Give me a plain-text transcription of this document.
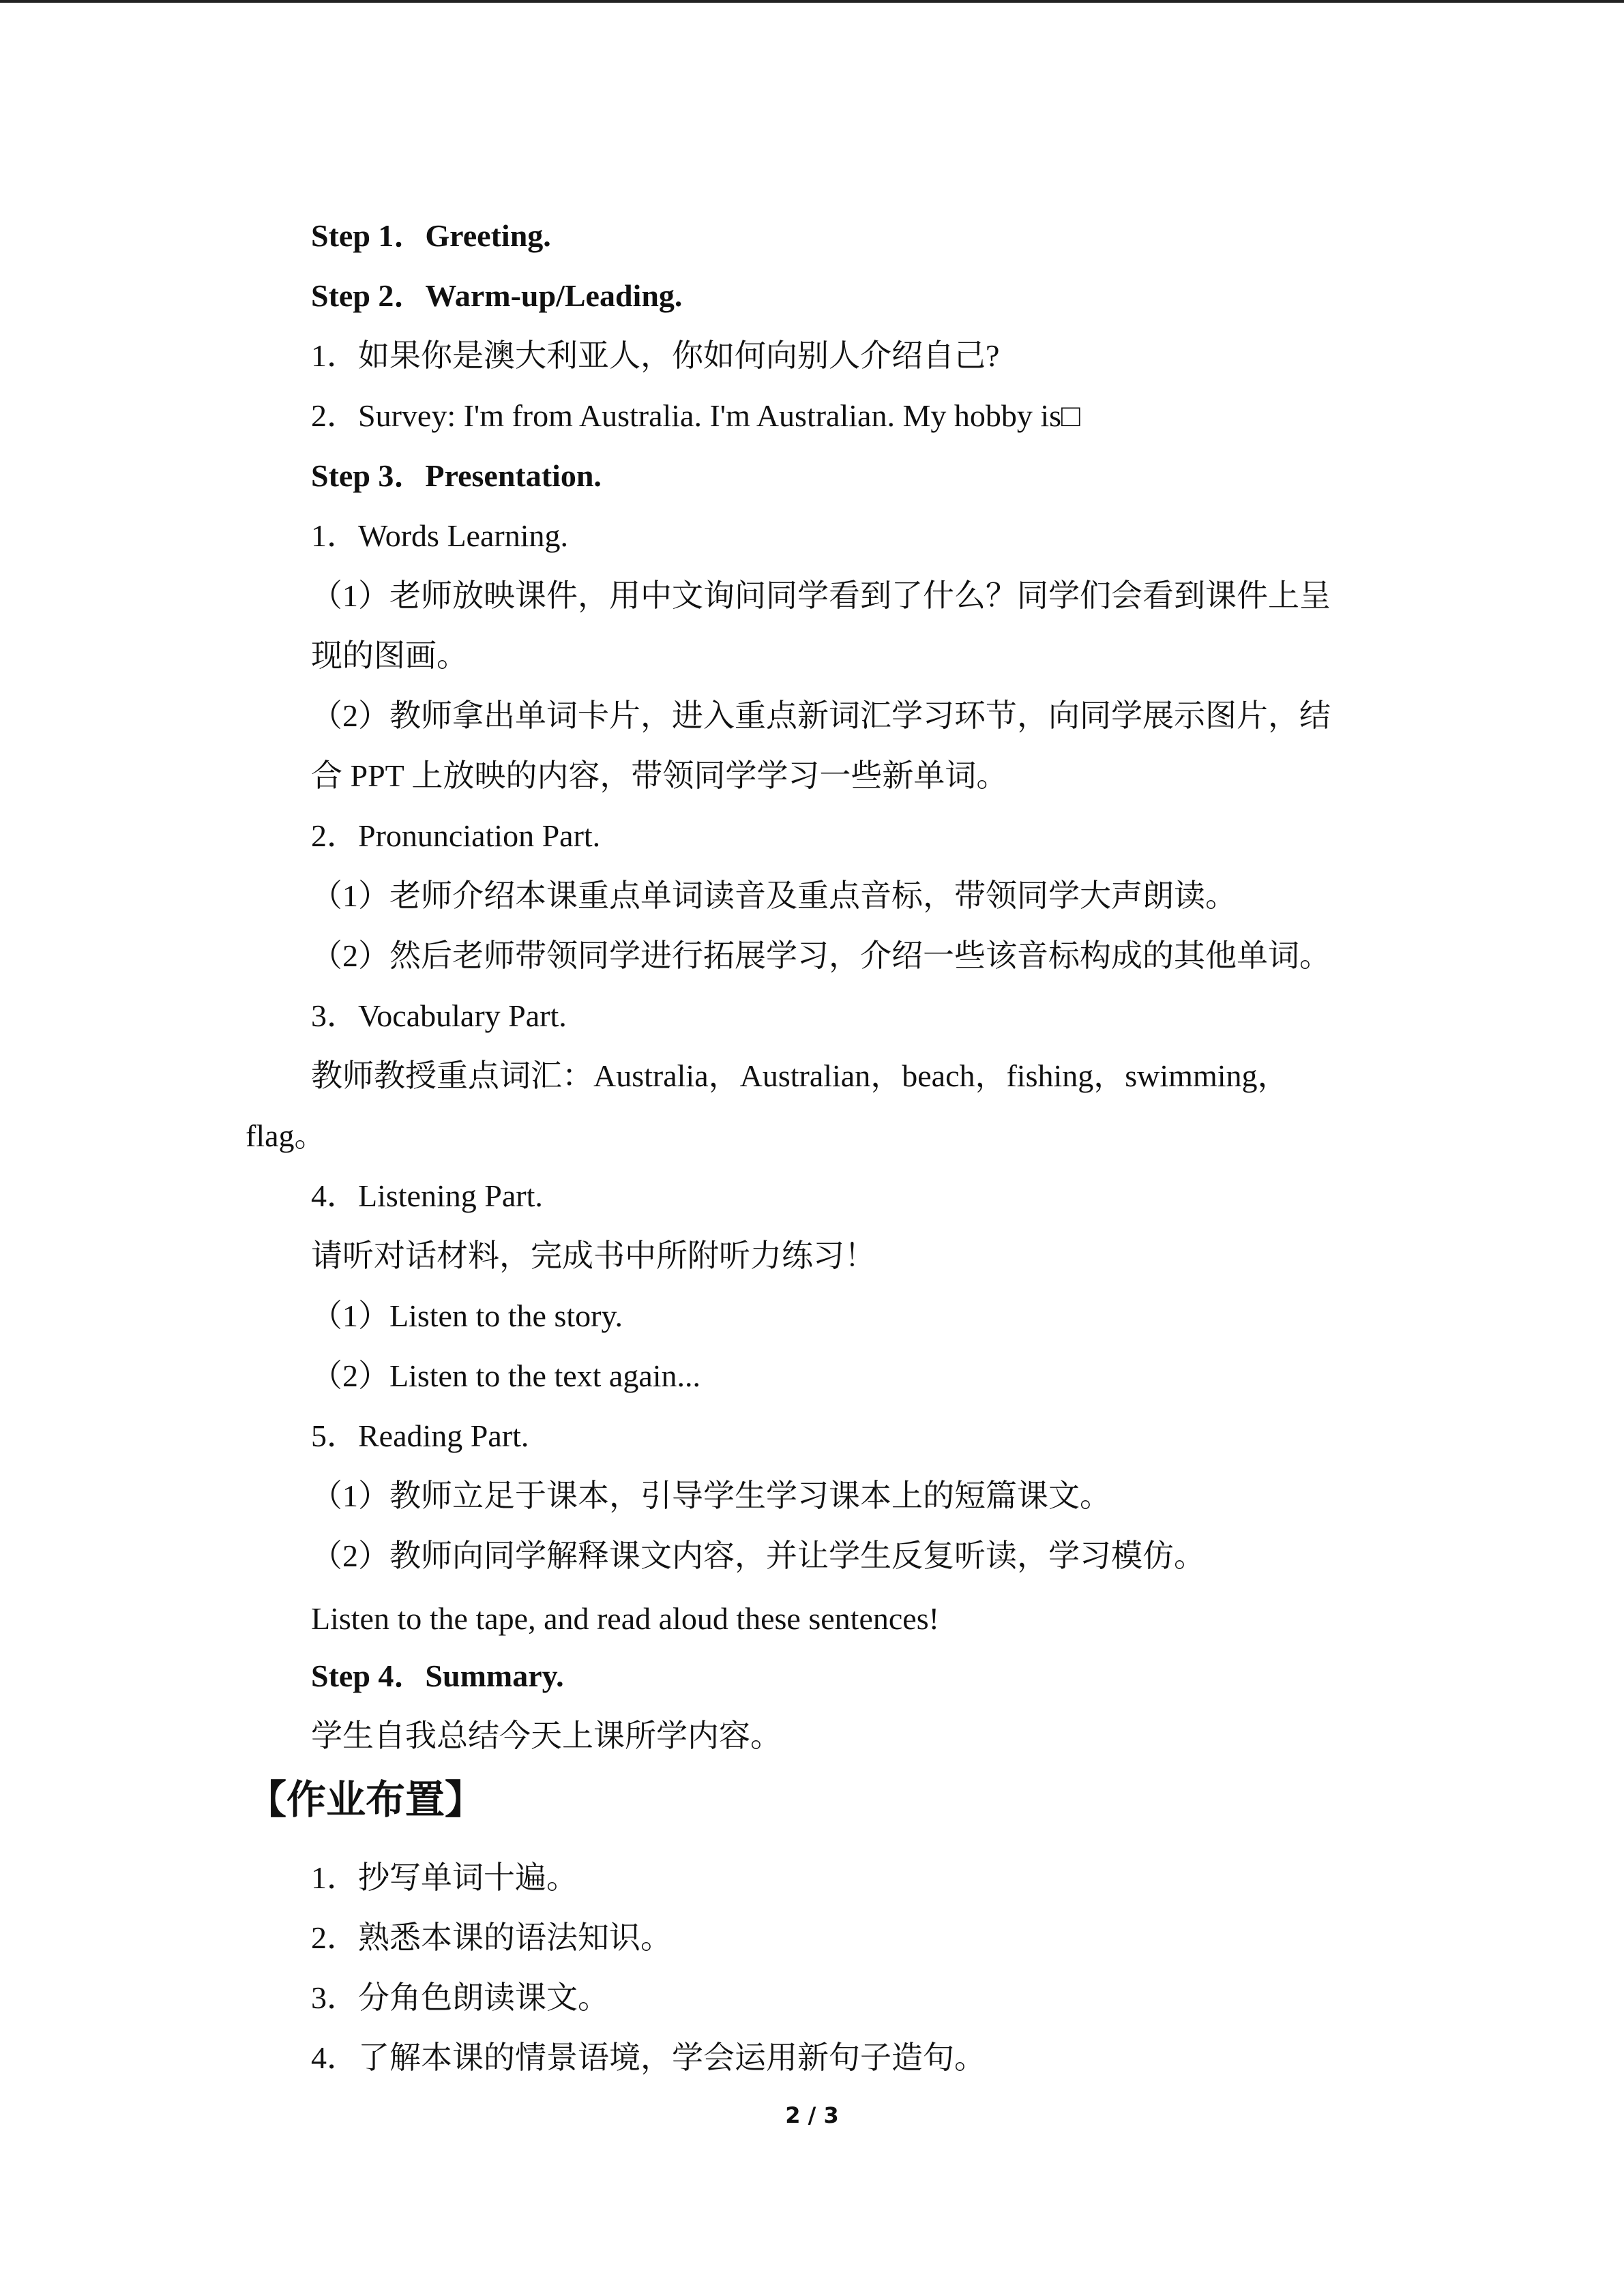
Step 1．Greeting.
Step 2．Warm-up/Leading.
1．如果你是澳大利亚人，你如何向别人介绍自己?
2．Survey: I'm from Australia. I'm Australian. My hobby is□
Step 3．Presentation.
1．Words Learning.
（1）老师放映课件，用中文询问同学看到了什么？同学们会看到课件上呈
现的图画。
（2）教师拿出单词卡片，进入重点新词汇学习环节，向同学展示图片，结
合 PPT 上放映的内容，带领同学学习一些新单词。
2．Pronunciation Part.
（1）老师介绍本课重点单词读音及重点音标，带领同学大声朗读。
（2）然后老师带领同学进行拓展学习，介绍一些该音标构成的其他单词。
3．Vocabulary Part.
教师教授重点词汇：Australia，Australian，beach，fishing，swimming，
flag。
4．Listening Part.
请听对话材料，完成书中所附听力练习！
（1）Listen to the story.
（2）Listen to the text again...
5．Reading Part.
（1）教师立足于课本，引导学生学习课本上的短篇课文。
（2）教师向同学解释课文内容，并让学生反复听读，学习模仿。
Listen to the tape, and read aloud these sentences!
Step 4．Summary.
学生自我总结今天上课所学内容。
【作业布置】
1．抄写单词十遍。
2．熟悉本课的语法知识。
3．分角色朗读课文。
4．了解本课的情景语境，学会运用新句子造句。
2 / 3
